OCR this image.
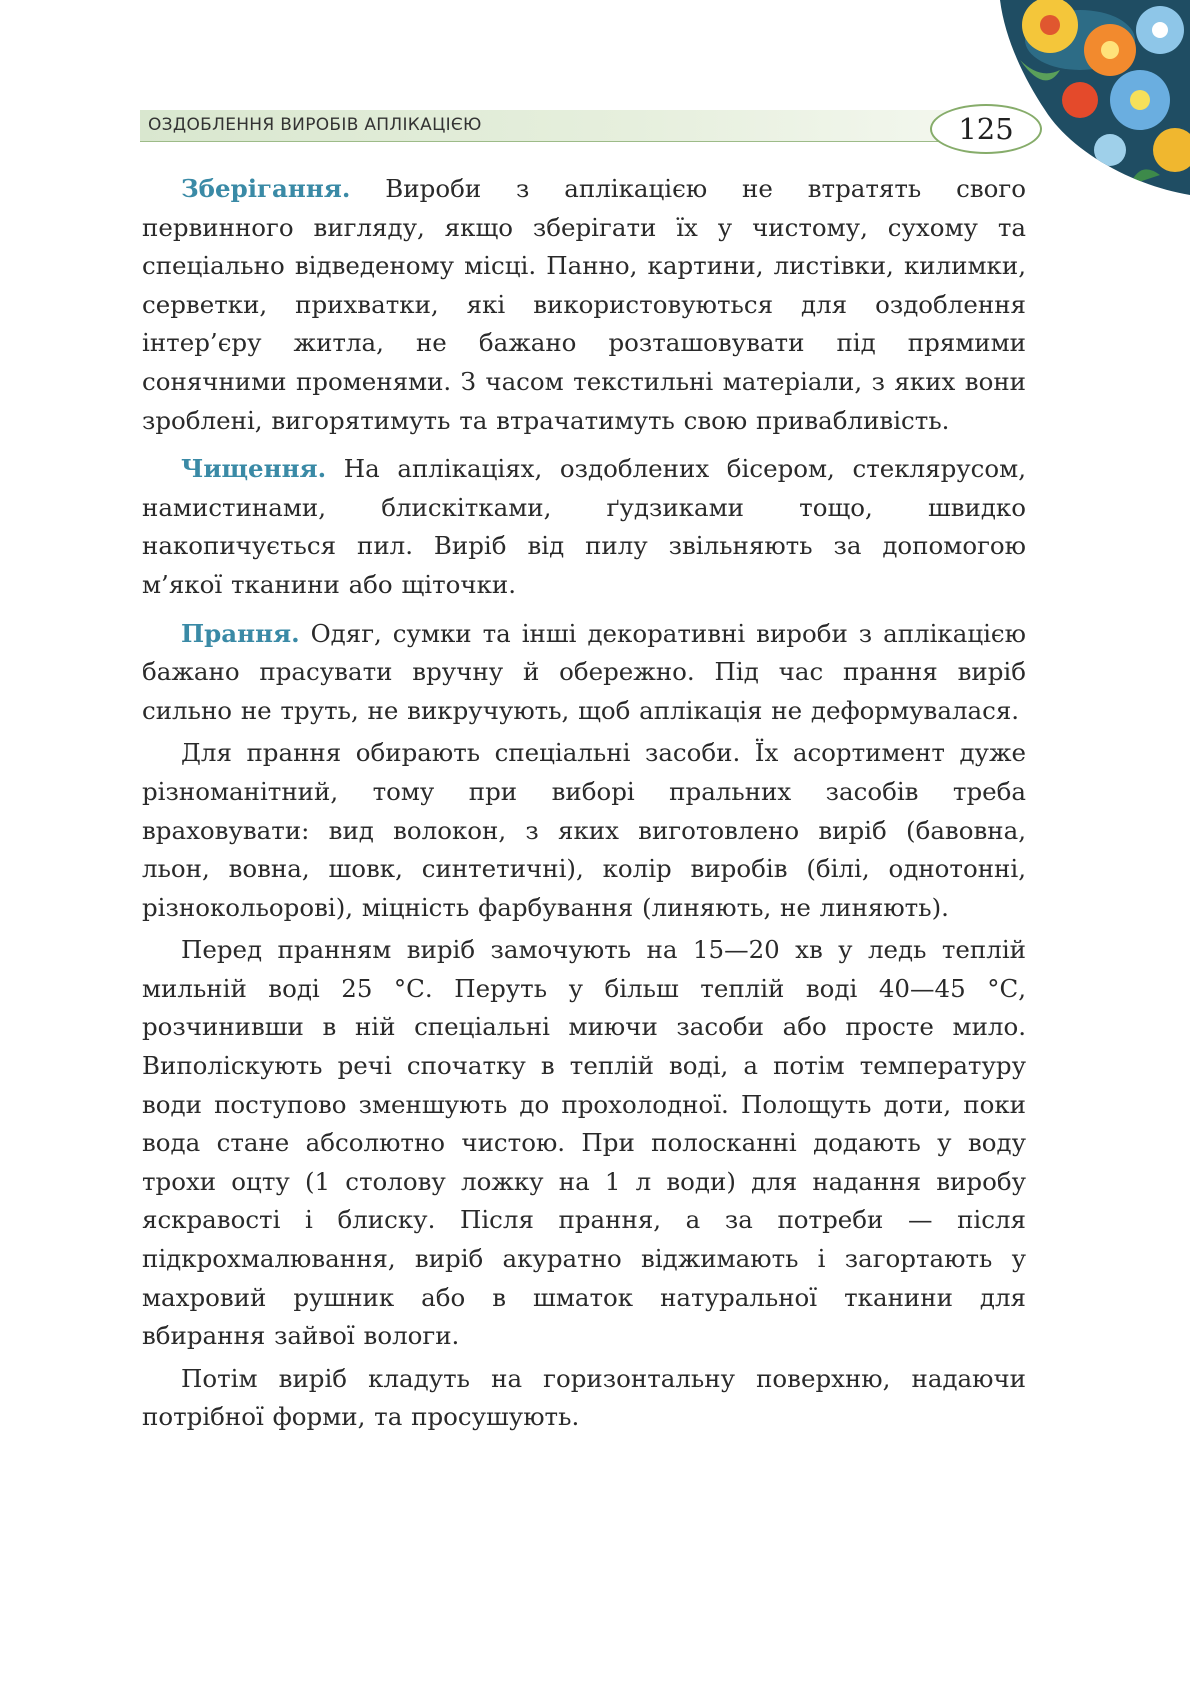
ОЗДОБЛЕННЯ ВИРОБІВ АПЛІКАЦІЄЮ	125

Зберігання. Вироби з аплікацією не втратять свого первинного вигляду, якщо зберігати їх у чистому, сухому та спеціально відведеному місці. Панно, картини, листівки, килимки, серветки, прихватки, які використовуються для оздоблення інтер’єру житла, не бажано розташовувати під прямими сонячними променями. З часом текстильні матеріали, з яких вони зроблені, вигорятимуть та втрачатимуть свою привабливість.

Чищення. На аплікаціях, оздоблених бісером, стеклярусом, намистинами, блискітками, ґудзиками тощо, швидко накопичується пил. Виріб від пилу звільняють за допомогою м’якої тканини або щіточки.

Прання. Одяг, сумки та інші декоративні вироби з аплікацією бажано прасувати вручну й обережно. Під час прання виріб сильно не труть, не викручують, щоб аплікація не деформувалася.

Для прання обирають спеціальні засоби. Їх асортимент дуже різноманітний, тому при виборі пральних засобів треба враховувати: вид волокон, з яких виготовлено виріб (бавовна, льон, вовна, шовк, синтетичні), колір виробів (білі, однотонні, різнокольорові), міцність фарбування (линяють, не линяють).

Перед пранням виріб замочують на 15—20 хв у ледь теплій мильній воді 25 °С. Перуть у більш теплій воді 40—45 °С, розчинивши в ній спеціальні миючи засоби або просте мило. Виполіскують речі спочатку в теплій воді, а потім температуру води поступово зменшують до прохолодної. Полощуть доти, поки вода стане абсолютно чистою. При полосканні додають у воду трохи оцту (1 столову ложку на 1 л води) для надання виробу яскравості і блиску. Після прання, а за потреби — після підкрохмалювання, виріб акуратно віджимають і загортають у махровий рушник або в шматок натуральної тканини для вбирання зайвої вологи.

Потім виріб кладуть на горизонтальну поверхню, надаючи потрібної форми, та просушують.
